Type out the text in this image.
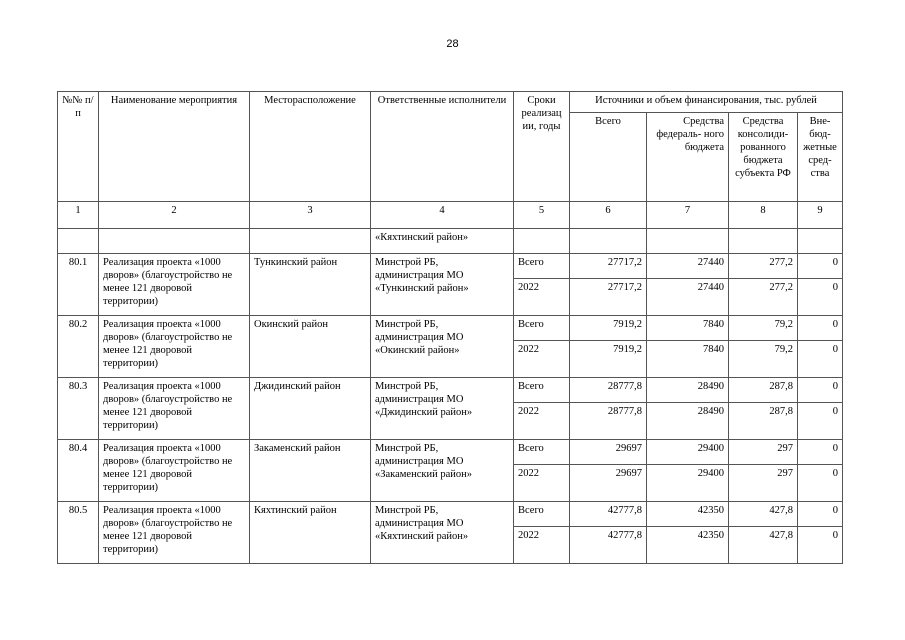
28
№№ п/п	Наименование мероприятия	Месторасположение	Ответственные исполнители	Сроки реализац ии, годы	Источники и объем финансирования, тыс. рублей			
					Всего	Средства федераль- ного бюджета	Средства консолиди- рованного бюджета субъекта РФ	Вне- бюд- жетные сред- ства
1	2	3	4	5	6	7	8	9
			«Кяхтинский район»					
80.1	Реализация проекта «1000 дворов» (благоустройство не менее 121 дворовой территории)	Тункинский район	Минстрой РБ, администрация МО «Тункинский район»	Всего	27717,2	27440	277,2	0
				2022	27717,2	27440	277,2	0
80.2	Реализация проекта «1000 дворов» (благоустройство не менее 121 дворовой территории)	Окинский район	Минстрой РБ, администрация МО «Окинский район»	Всего	7919,2	7840	79,2	0
				2022	7919,2	7840	79,2	0
80.3	Реализация проекта «1000 дворов» (благоустройство не менее 121 дворовой территории)	Джидинский район	Минстрой РБ, администрация МО «Джидинский район»	Всего	28777,8	28490	287,8	0
				2022	28777,8	28490	287,8	0
80.4	Реализация проекта «1000 дворов» (благоустройство не менее 121 дворовой территории)	Закаменский район	Минстрой РБ, администрация МО «Закаменский район»	Всего	29697	29400	297	0
				2022	29697	29400	297	0
80.5	Реализация проекта «1000 дворов» (благоустройство не менее 121 дворовой территории)	Кяхтинский район	Минстрой РБ, администрация МО «Кяхтинский район»	Всего	42777,8	42350	427,8	0
				2022	42777,8	42350	427,8	0
